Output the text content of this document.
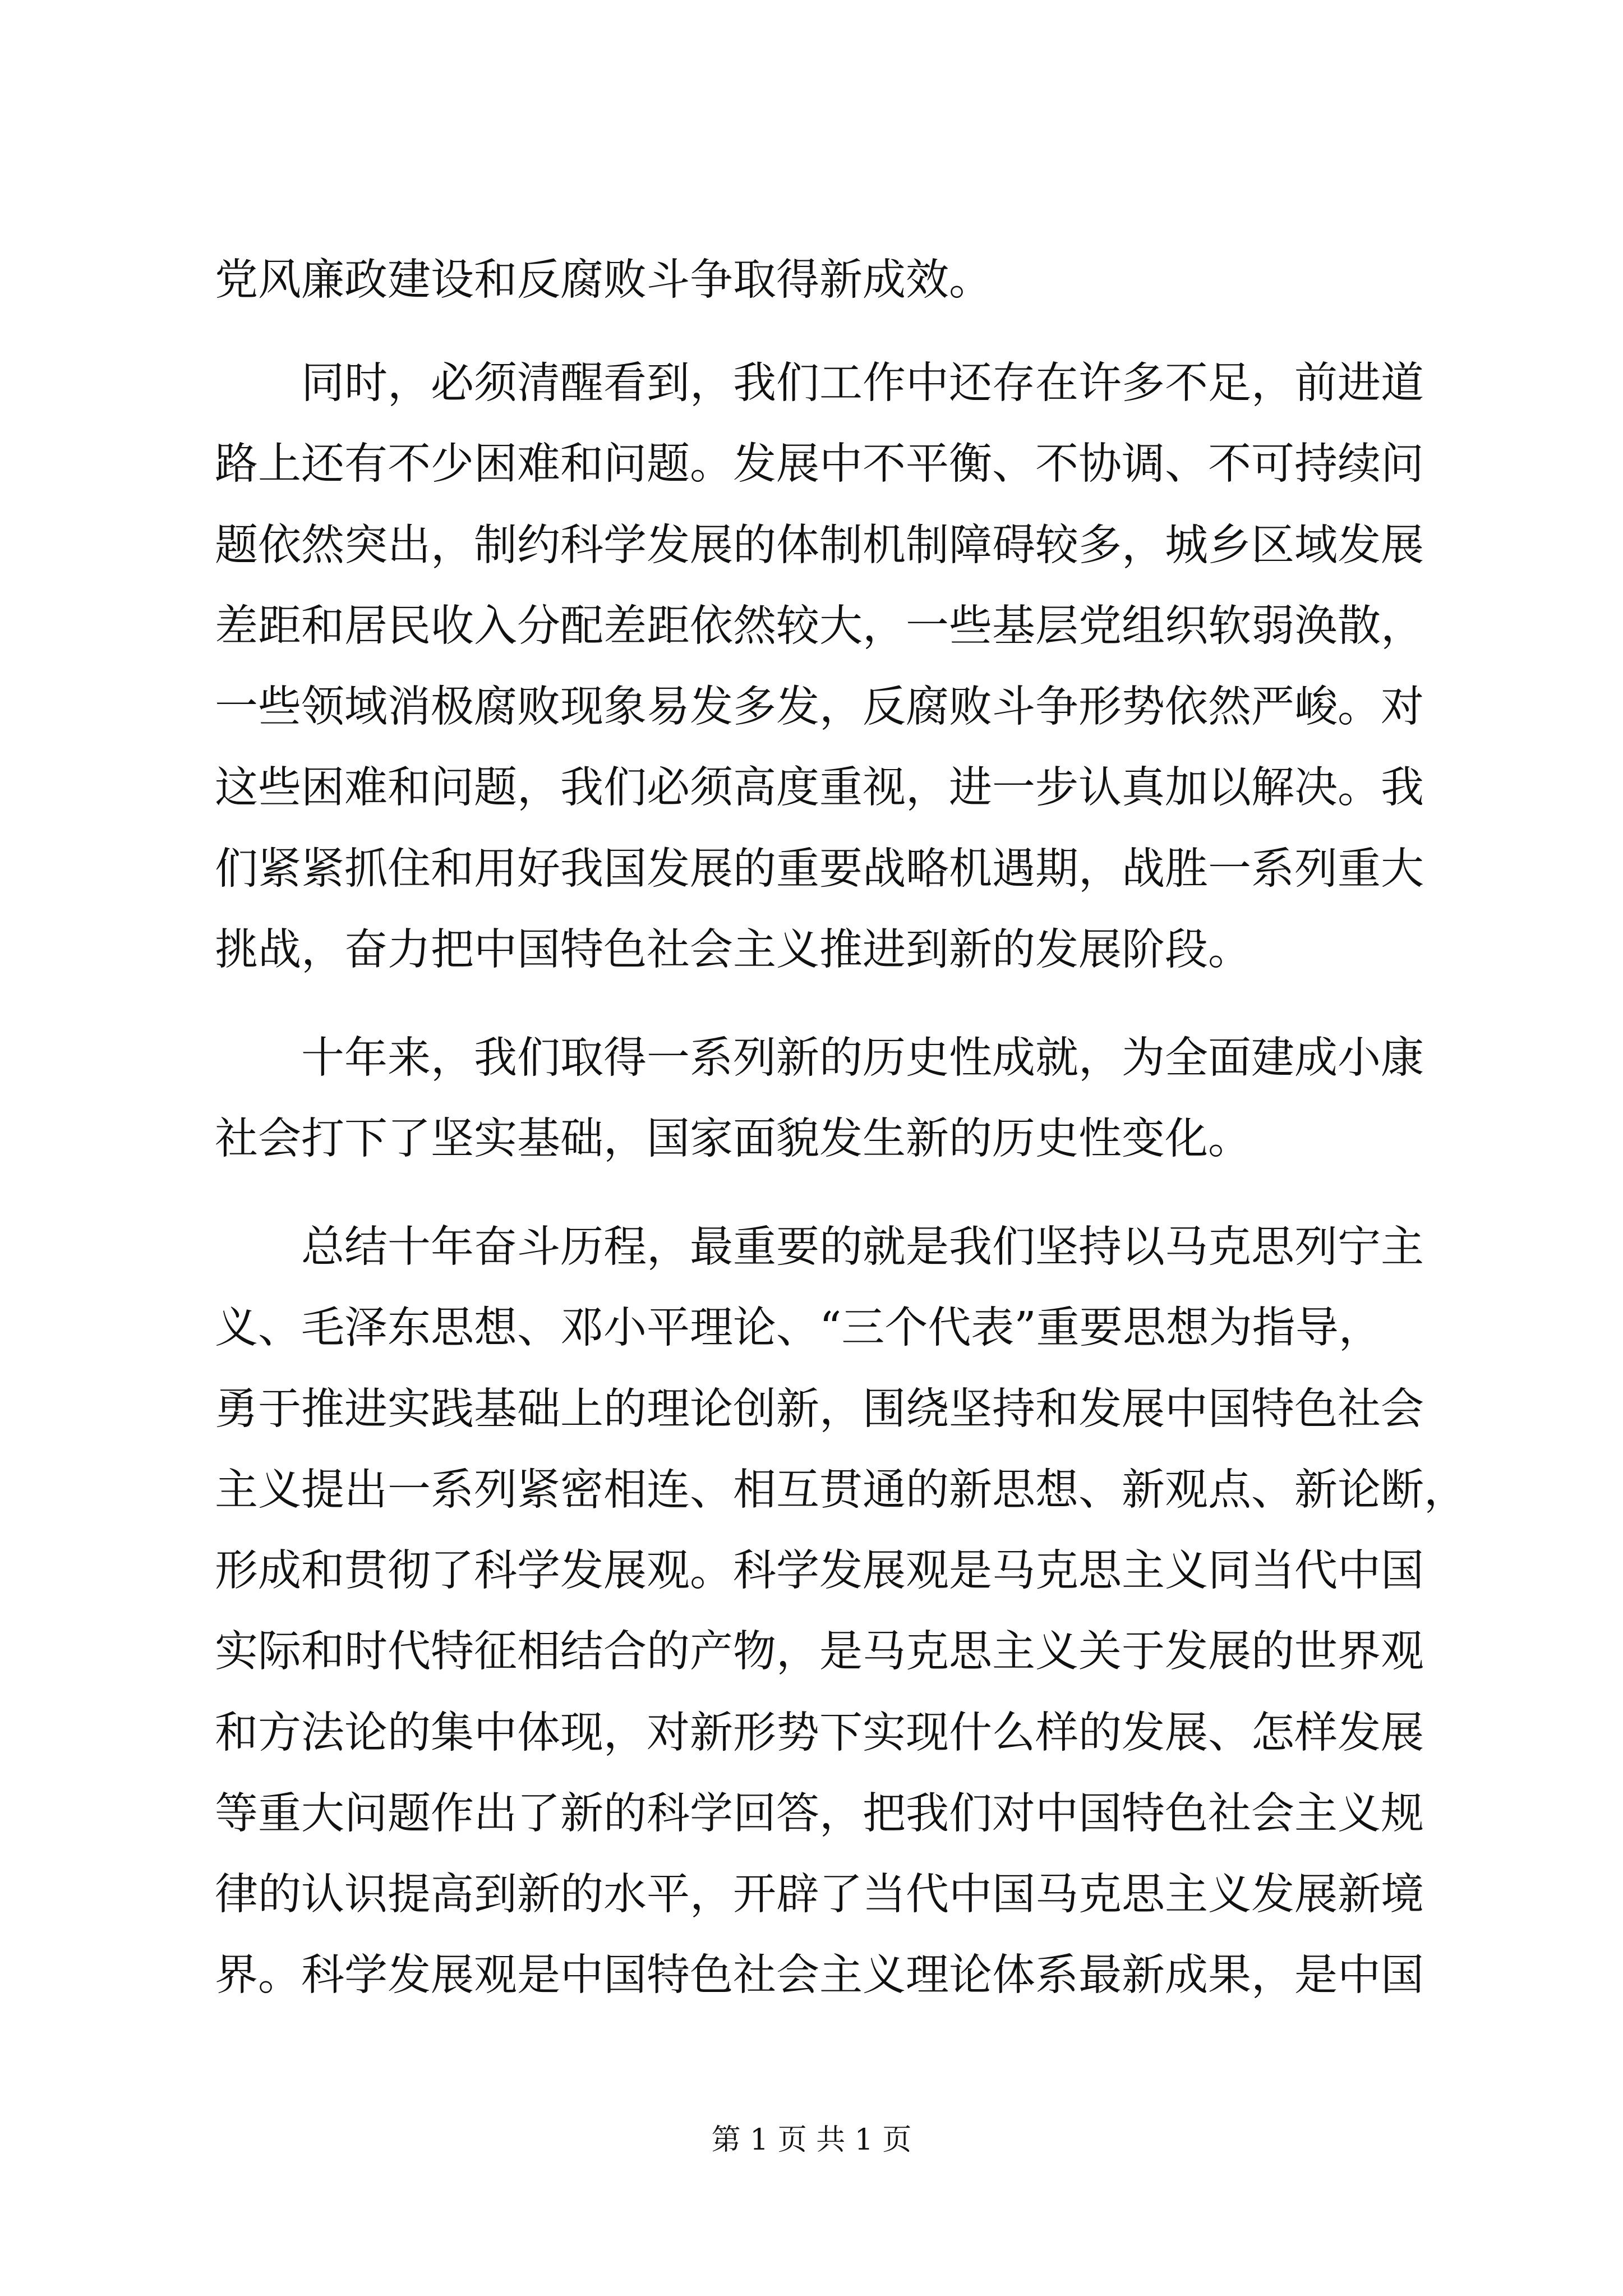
党风廉政建设和反腐败斗争取得新成效。
同时，必须清醒看到，我们工作中还存在许多不足，前进道
路上还有不少困难和问题。发展中不平衡、不协调、不可持续问
题依然突出，制约科学发展的体制机制障碍较多，城乡区域发展
差距和居民收入分配差距依然较大，一些基层党组织软弱涣散，
一些领域消极腐败现象易发多发，反腐败斗争形势依然严峻。对
这些困难和问题，我们必须高度重视，进一步认真加以解决。我
们紧紧抓住和用好我国发展的重要战略机遇期，战胜一系列重大
挑战，奋力把中国特色社会主义推进到新的发展阶段。
十年来，我们取得一系列新的历史性成就，为全面建成小康
社会打下了坚实基础，国家面貌发生新的历史性变化。
总结十年奋斗历程，最重要的就是我们坚持以马克思列宁主
义、毛泽东思想、邓小平理论、“三个代表”重要思想为指导，
勇于推进实践基础上的理论创新，围绕坚持和发展中国特色社会
主义提出一系列紧密相连、相互贯通的新思想、新观点、新论断，
形成和贯彻了科学发展观。科学发展观是马克思主义同当代中国
实际和时代特征相结合的产物，是马克思主义关于发展的世界观
和方法论的集中体现，对新形势下实现什么样的发展、怎样发展
等重大问题作出了新的科学回答，把我们对中国特色社会主义规
律的认识提高到新的水平，开辟了当代中国马克思主义发展新境
界。科学发展观是中国特色社会主义理论体系最新成果，是中国
第 1 页 共 1 页
